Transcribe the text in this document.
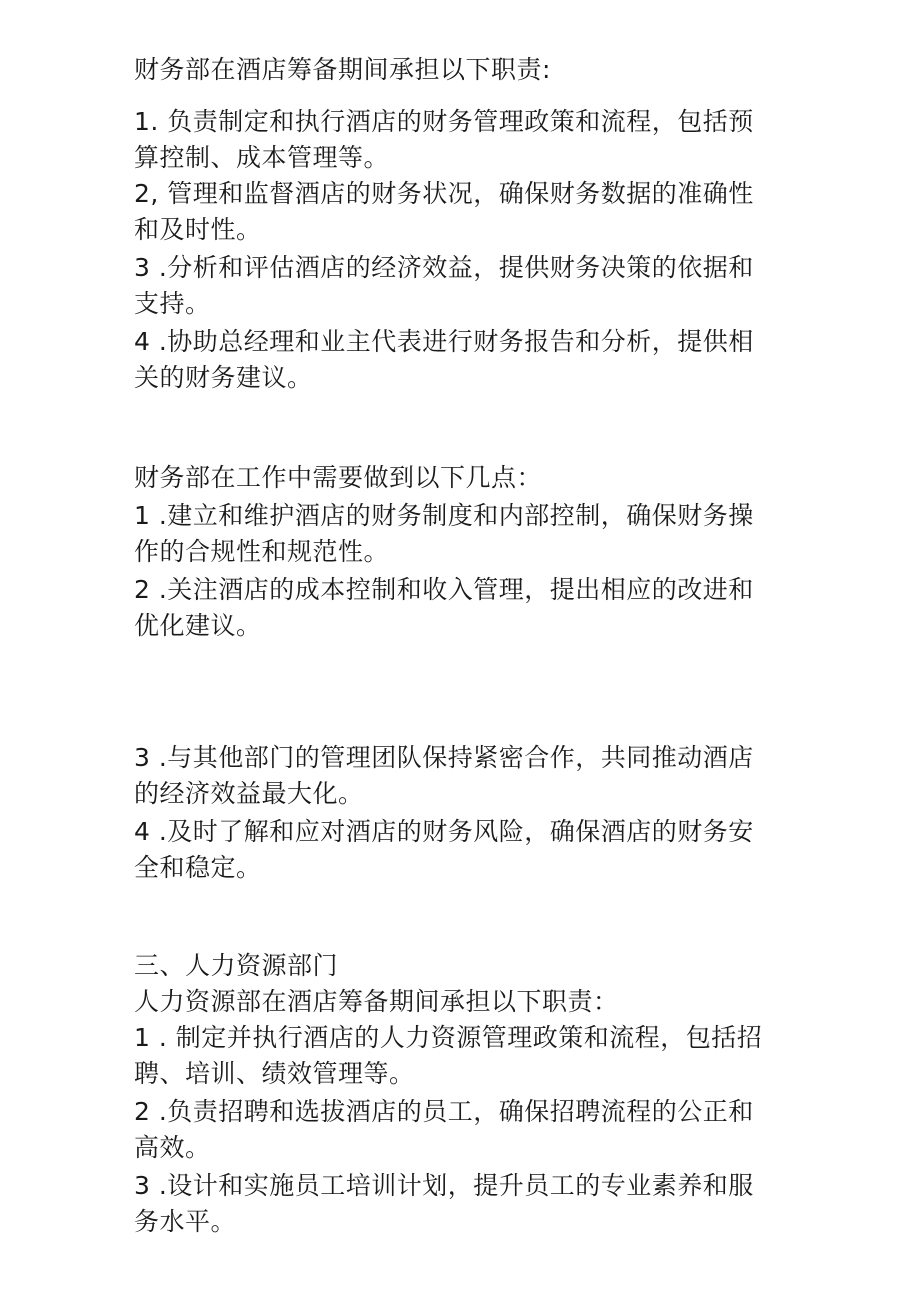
财务部在酒店筹备期间承担以下职责:
1. 负责制定和执行酒店的财务管理政策和流程，包括预
算控制、成本管理等。
2, 管理和监督酒店的财务状况，确保财务数据的准确性
和及时性。
3 .分析和评估酒店的经济效益，提供财务决策的依据和
支持。
4 .协助总经理和业主代表进行财务报告和分析，提供相
关的财务建议。
财务部在工作中需要做到以下几点：
1 .建立和维护酒店的财务制度和内部控制，确保财务操
作的合规性和规范性。
2 .关注酒店的成本控制和收入管理，提出相应的改进和
优化建议。
3 .与其他部门的管理团队保持紧密合作，共同推动酒店
的经济效益最大化。
4 .及时了解和应对酒店的财务风险，确保酒店的财务安
全和稳定。
三、人力资源部门
人力资源部在酒店筹备期间承担以下职责：
1 . 制定并执行酒店的人力资源管理政策和流程，包括招
聘、培训、绩效管理等。
2 .负责招聘和选拔酒店的员工，确保招聘流程的公正和
高效。
3 .设计和实施员工培训计划，提升员工的专业素养和服
务水平。
